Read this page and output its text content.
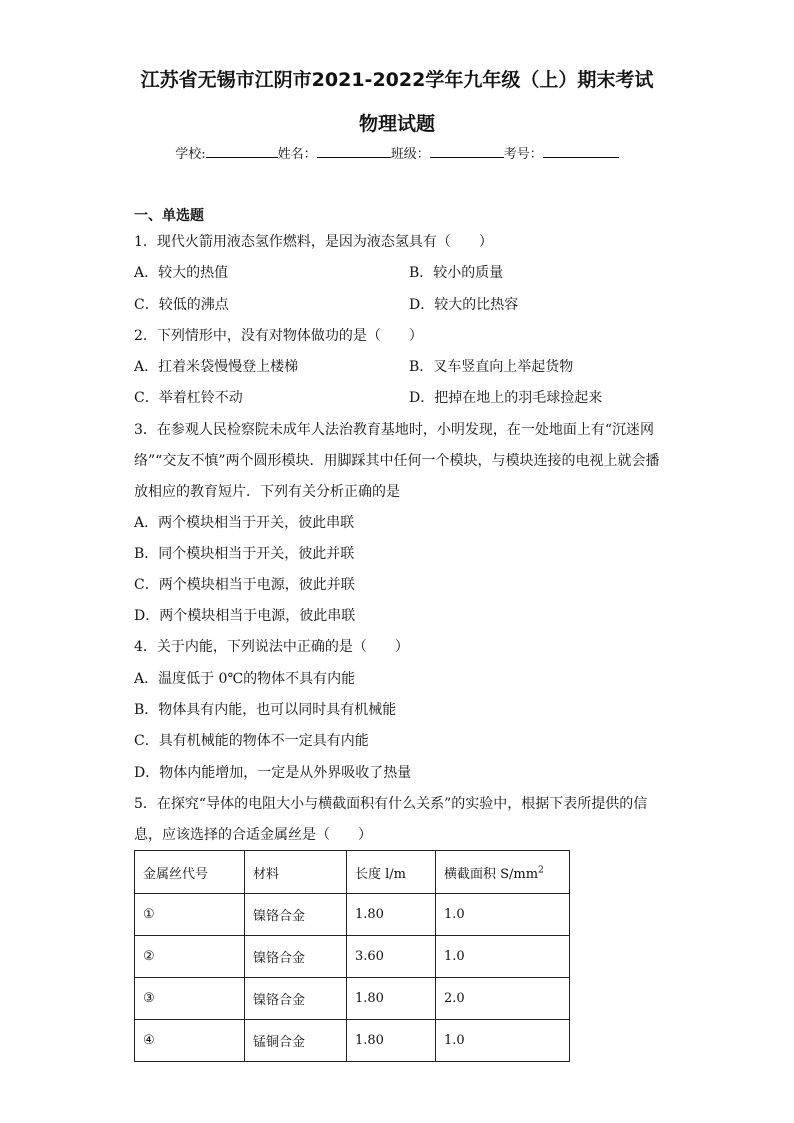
江苏省无锡市江阴市2021-2022学年九年级（上）期末考试
物理试题
学校:	姓名：	班级：	考号：
一、单选题
1．现代火箭用液态氢作燃料，是因为液态氢具有（　　）
A．较大的热值	B．较小的质量
C．较低的沸点	D．较大的比热容
2．下列情形中，没有对物体做功的是（　　）
A．扛着米袋慢慢登上楼梯	B．叉车竖直向上举起货物
C．举着杠铃不动	D．把掉在地上的羽毛球捡起来
3．在参观人民检察院未成年人法治教育基地时，小明发现，在一处地面上有“沉迷网
络”“交友不慎”两个圆形模块．用脚踩其中任何一个模块，与模块连接的电视上就会播
放相应的教育短片．下列有关分析正确的是
A．两个模块相当于开关，彼此串联
B．同个模块相当于开关，彼此并联
C．两个模块相当于电源，彼此并联
D．两个模块相当于电源，彼此串联
4．关于内能，下列说法中正确的是（　　）
A．温度低于 0℃的物体不具有内能
B．物体具有内能，也可以同时具有机械能
C．具有机械能的物体不一定具有内能
D．物体内能增加，一定是从外界吸收了热量
5．在探究“导体的电阻大小与横截面积有什么关系”的实验中，根据下表所提供的信
息，应该选择的合适金属丝是（　　）
金属丝代号	材料	长度 l/m	横截面积 $S/mm^2$
①	镍铬合金	1.80	1.0
②	镍铬合金	3.60	1.0
③	镍铬合金	1.80	2.0
④	锰铜合金	1.80	1.0
